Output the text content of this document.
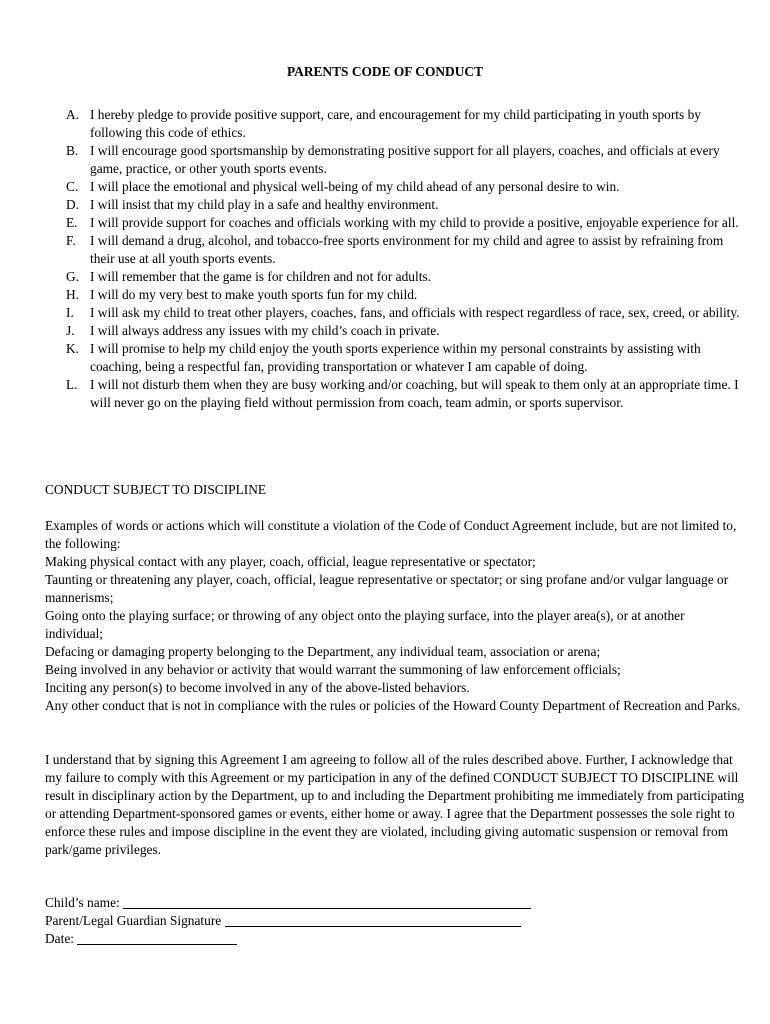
PARENTS CODE OF CONDUCT
A. I hereby pledge to provide positive support, care, and encouragement for my child participating in youth sports by following this code of ethics.
B. I will encourage good sportsmanship by demonstrating positive support for all players, coaches, and officials at every game, practice, or other youth sports events.
C. I will place the emotional and physical well-being of my child ahead of any personal desire to win.
D. I will insist that my child play in a safe and healthy environment.
E. I will provide support for coaches and officials working with my child to provide a positive, enjoyable experience for all.
F.	I will demand a drug, alcohol, and tobacco-free sports environment for my child and agree to assist by refraining from their use at all youth sports events.
G. I will remember that the game is for children and not for adults.
H. I will do my very best to make youth sports fun for my child.
I.	I will ask my child to treat other players, coaches, fans, and officials with respect regardless of race, sex, creed, or ability.
J.	I will always address any issues with my child’s coach in private.
K. I will promise to help my child enjoy the youth sports experience within my personal constraints by assisting with coaching, being a respectful fan, providing transportation or whatever I am capable of doing.
L. I will not disturb them when they are busy working and/or coaching, but will speak to them only at an appropriate time. I will never go on the playing field without permission from coach, team admin, or sports supervisor.
CONDUCT SUBJECT TO DISCIPLINE

Examples of words or actions which will constitute a violation of the Code of Conduct Agreement include, but are not limited to, the following:

Making physical contact with any player, coach, official, league representative or spectator;

Taunting or threatening any player, coach, official, league representative or spectator; or sing profane and/or vulgar language or mannerisms;

Going onto the playing surface; or throwing of any object onto the playing surface, into the player area(s), or at another individual;

Defacing or damaging property belonging to the Department, any individual team, association or arena;

Being involved in any behavior or activity that would warrant the summoning of law enforcement officials;

Inciting any person(s) to become involved in any of the above-listed behaviors.

Any other conduct that is not in compliance with the rules or policies of the Howard County Department of Recreation and Parks.

I understand that by signing this Agreement I am agreeing to follow all of the rules described above. Further, I acknowledge that my failure to comply with this Agreement or my participation in any of the defined CONDUCT SUBJECT TO DISCIPLINE will result in disciplinary action by the Department, up to and including the Department prohibiting me immediately from participating or attending Department-sponsored games or events, either home or away. I agree that the Department possesses the sole right to enforce these rules and impose discipline in the event they are violated, including giving automatic suspension or removal from park/game privileges.

Child’s name:

Parent/Legal Guardian Signature

Date:
